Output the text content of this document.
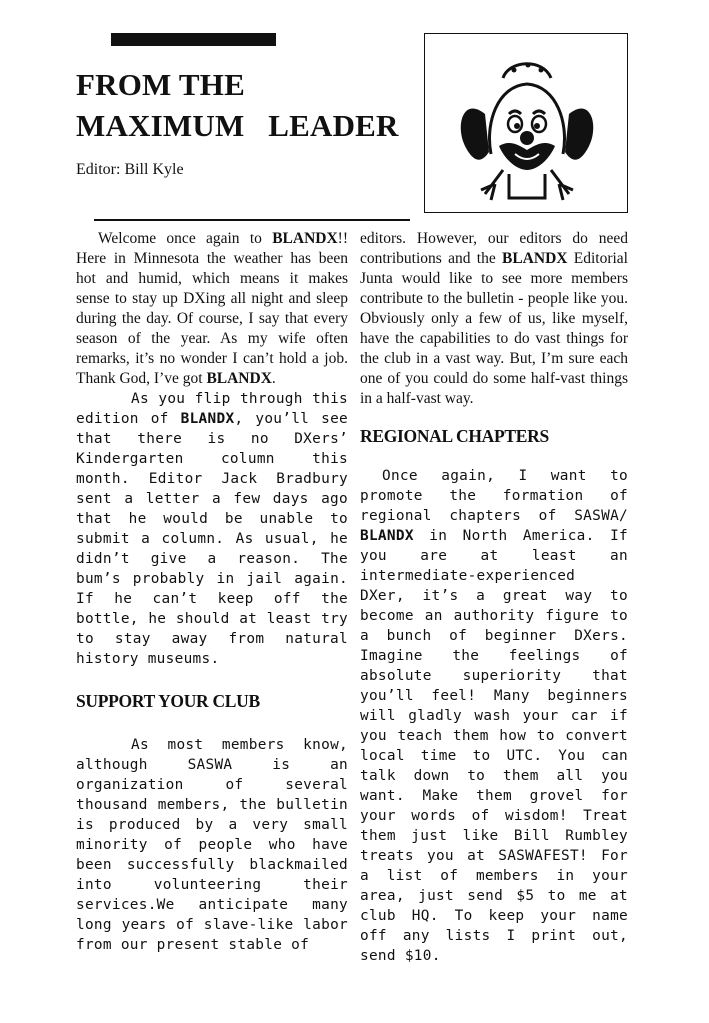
FROM THE
MAXIMUM   LEADER
Editor: Bill Kyle

Welcome once again to BLANDX!! Here in Minnesota the weather has been hot and humid, which means it makes sense to stay up DXing all night and sleep during the day. Of course, I say that every season of the year. As my wife often remarks, it’s no wonder I can’t hold a job. Thank God, I’ve got BLANDX.

As you flip through this edition of BLANDX, you’ll see that there is no DXers’ Kindergarten column this month. Editor Jack Bradbury sent a letter a few days ago that he would be unable to submit a column. As usual, he didn’t give a reason. The bum’s probably in jail again. If he can’t keep off the bottle, he should at least try to stay away from natural history museums.

SUPPORT YOUR CLUB

As most members know, although SASWA is an organization of several thousand members, the bulletin is produced by a very small minority of people who have been successfully blackmailed into volunteering their services.We anticipate many long years of slave-like labor from our present stable of

editors. However, our editors do need contributions and the BLANDX Editorial Junta would like to see more members contribute to the bulletin - people like you. Obviously only a few of us, like myself, have the capabilities to do vast things for the club in a vast way. But, I’m sure each one of you could do some half-vast things in a half-vast way.

REGIONAL CHAPTERS

Once again, I want to promote the formation of regional chapters of SASWA/ BLANDX in North America. If you are at least an intermediate-experienced DXer, it’s a great way to become an authority figure to a bunch of beginner DXers. Imagine the feelings of absolute superiority that you’ll feel! Many beginners will gladly wash your car if you teach them how to convert local time to UTC. You can talk down to them all you want. Make them grovel for your words of wisdom! Treat them just like Bill Rumbley treats you at SASWAFEST! For a list of members in your area, just send $5 to me at club HQ. To keep your name off any lists I print out, send $10.
